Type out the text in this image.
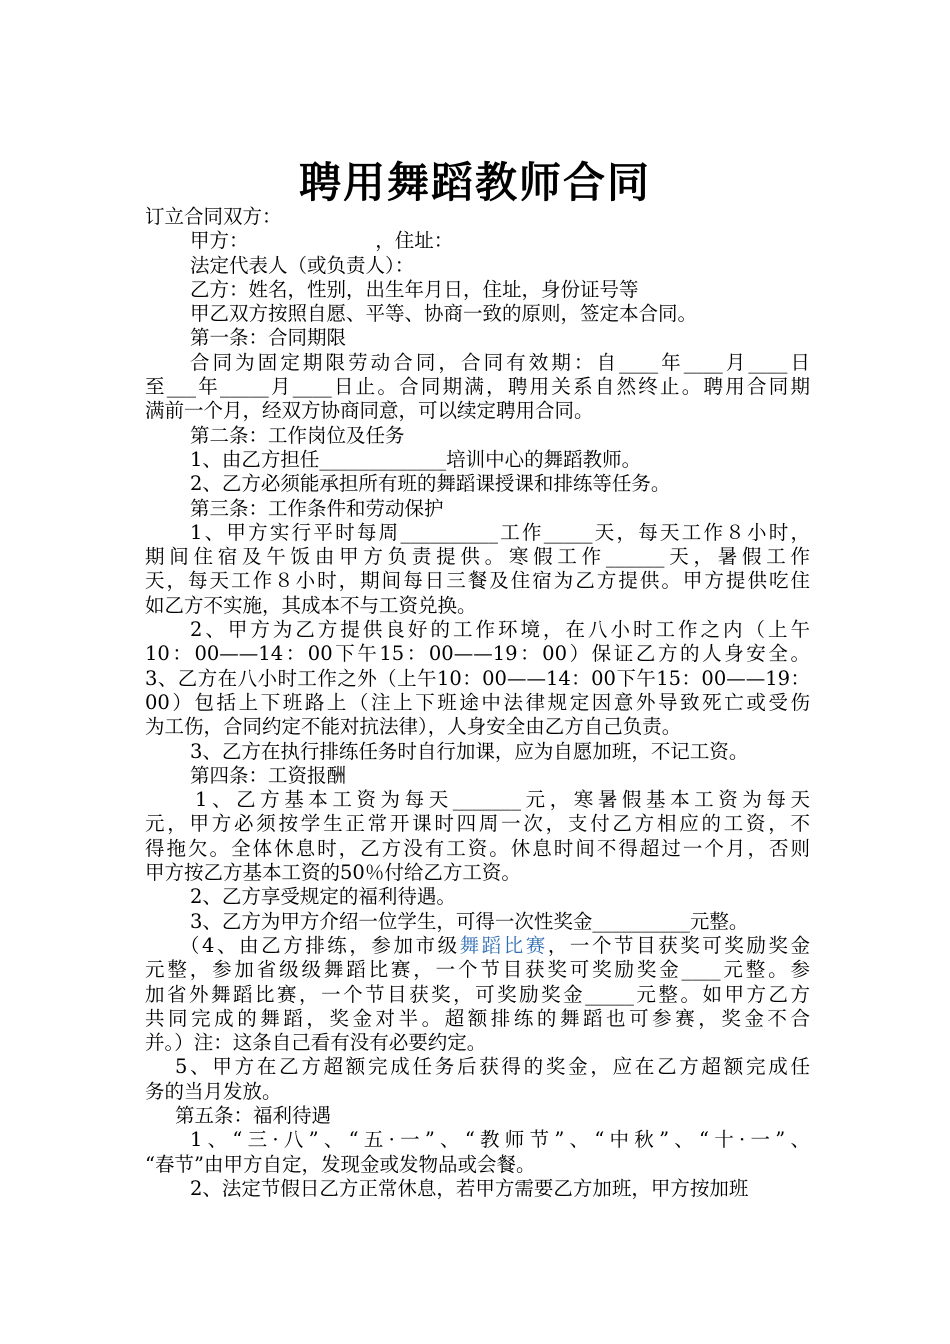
聘用舞蹈教师合同
订立合同双方：
甲方：　　　　　　　，住址：
法定代表人（或负责人）：
乙方：姓名，性别，出生年月日，住址，身份证号等
甲乙双方按照自愿、平等、协商一致的原则，签定本合同。
第一条：合同期限
合同为固定期限劳动合同，合同有效期：自____年____月____日
至___年_____月____日止。合同期满，聘用关系自然终止。聘用合同期
满前一个月，经双方协商同意，可以续定聘用合同。
第二条：工作岗位及任务
1、由乙方担任_____________培训中心的舞蹈教师。
2、乙方必须能承担所有班的舞蹈课授课和排练等任务。
第三条：工作条件和劳动保护
1、甲方实行平时每周__________工作_____天，每天工作８小时，
期间住宿及午饭由甲方负责提供。寒假工作______天，暑假工作
天，每天工作８小时，期间每日三餐及住宿为乙方提供。甲方提供吃住
如乙方不实施，其成本不与工资兑换。
2、甲方为乙方提供良好的工作环境，在八小时工作之内（上午
10：00——14：00下午15：00——19：00）保证乙方的人身安全。
3、乙方在八小时工作之外（上午10：00——14：00下午15：00——19：
00）包括上下班路上（注上下班途中法律规定因意外导致死亡或受伤
为工伤，合同约定不能对抗法律），人身安全由乙方自己负责。
3、乙方在执行排练任务时自行加课，应为自愿加班，不记工资。
第四条：工资报酬
1、乙方基本工资为每天_______元，寒暑假基本工资为每天
元，甲方必须按学生正常开课时四周一次，支付乙方相应的工资，不
得拖欠。全体休息时，乙方没有工资。休息时间不得超过一个月，否则
甲方按乙方基本工资的50％付给乙方工资。
2、乙方享受规定的福利待遇。
3、乙方为甲方介绍一位学生，可得一次性奖金__________元整。
（4、由乙方排练，参加市级舞蹈比赛，一个节目获奖可奖励奖金
元整，参加省级级舞蹈比赛，一个节目获奖可奖励奖金____元整。参
加省外舞蹈比赛，一个节目获奖，可奖励奖金_____元整。如甲方乙方
共同完成的舞蹈，奖金对半。超额排练的舞蹈也可参赛，奖金不合
并。）注：这条自己看有没有必要约定。
5、甲方在乙方超额完成任务后获得的奖金，应在乙方超额完成任
务的当月发放。
第五条：福利待遇
1、“三·八”、“五·一”、“教师节”、“中秋”、“十·一”、
“春节”由甲方自定，发现金或发物品或会餐。
2、法定节假日乙方正常休息，若甲方需要乙方加班，甲方按加班
